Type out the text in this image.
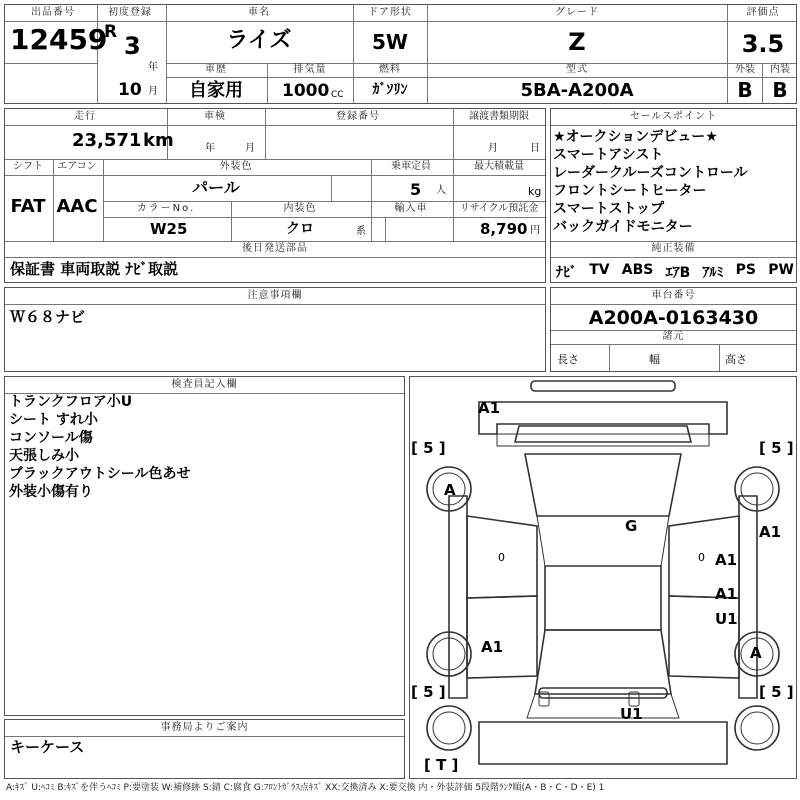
出品番号
12459
初度登録
R 3
年
10 月
車名
ライズ
車歴
自家用
排気量
1000 CC
ドア形状
5W
燃料
ｶﾞｿﾘﾝ
グレード
Z
型式
5BA-A200A
評価点
3.5
外装
B
内装
B
走行
23,571 km
車検
年	月
登録番号	譲渡書類期限
月	日
シフト
FAT
エアコン
AAC
外装色
パール
乗車定員
5 人
最大積載量
kg
カラーNo.
W25
内装色
クロ	系
輸入車	リサイクル預託金
8,790 円
後日発送部品
保証書 車両取説 ﾅﾋﾞ取説
セールスポイント
★オークションデビュー★
スマートアシスト
レーダークルーズコントロール
フロントシートヒーター
スマートストップ
バックガイドモニター
純正装備
ﾅﾋﾞ TV ABS ｴｱB ｱﾙﾐ PS PW
注意事項欄
Ｗ６８ナビ
車台番号
A200A-0163430
諸元
長さ	幅	高さ
検査員記入欄
トランクフロア小U
シート すれ小
コンソール傷
天張しみ小
ブラックアウトシール色あせ
外装小傷有り
事務局よりご案内
キーケース
A1
G	A1
A1
A1
U1
A1
U1
[ 5 ]	[ 5 ]
[ 5 ]	[ 5 ]
[ T ]
A
A
0	0
A:ｷｽﾞ U:ﾍｺﾐ B:ｷｽﾞを伴うﾍｺﾐ P:要塗装 W:補修跡 S:錆 C:腐食 G:ﾌﾛﾝﾄｶﾞﾗｽ点ｷｽﾞ XX:交換済み X:要交換 内・外装評価 5段階ﾗﾝｸ順(A・B・C・D・E) 1
